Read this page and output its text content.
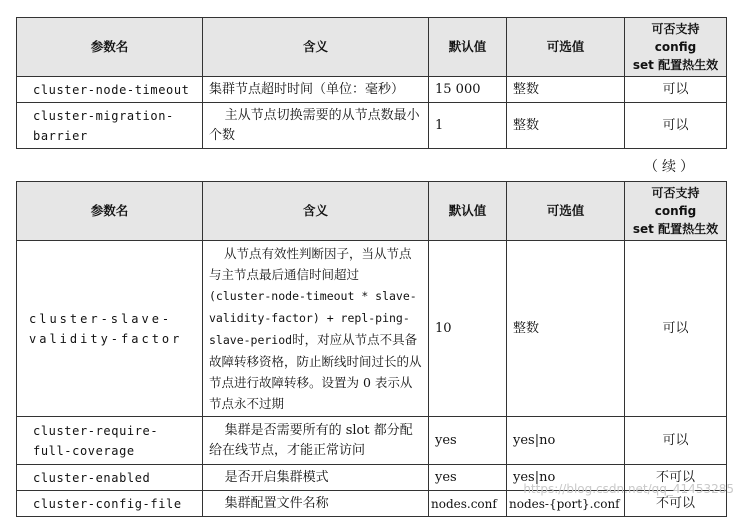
参数名	含义	默认值	可选值	可否支持 config
set 配置热生效

cluster-node-timeout	集群节点超时时间（单位：毫秒）	15 000	整数	可以
cluster-migration-barrier	主从节点切换需要的从节点数最小个数	1	整数	可以
（续）
参数名	含义	默认值	可选值	可否支持 config
set 配置热生效

cluster-slave-validity-factor	从节点有效性判断因子，当从节点与主节点最后通信时间超过(cluster-node-timeout * slave-validity-factor) + repl-ping-slave-period时，对应从节点不具备故障转移资格，防止断线时间过长的从节点进行故障转移。设置为 0 表示从节点永不过期	10	整数	可以
cluster-require-full-coverage	集群是否需要所有的 slot 都分配给在线节点，才能正常访问	yes	yes|no	可以
cluster-enabled	是否开启集群模式	yes	yes|no	不可以
cluster-config-file	集群配置文件名称	nodes.conf	nodes-{port}.conf	不可以
https://blog.csdn.net/qq_41453285
